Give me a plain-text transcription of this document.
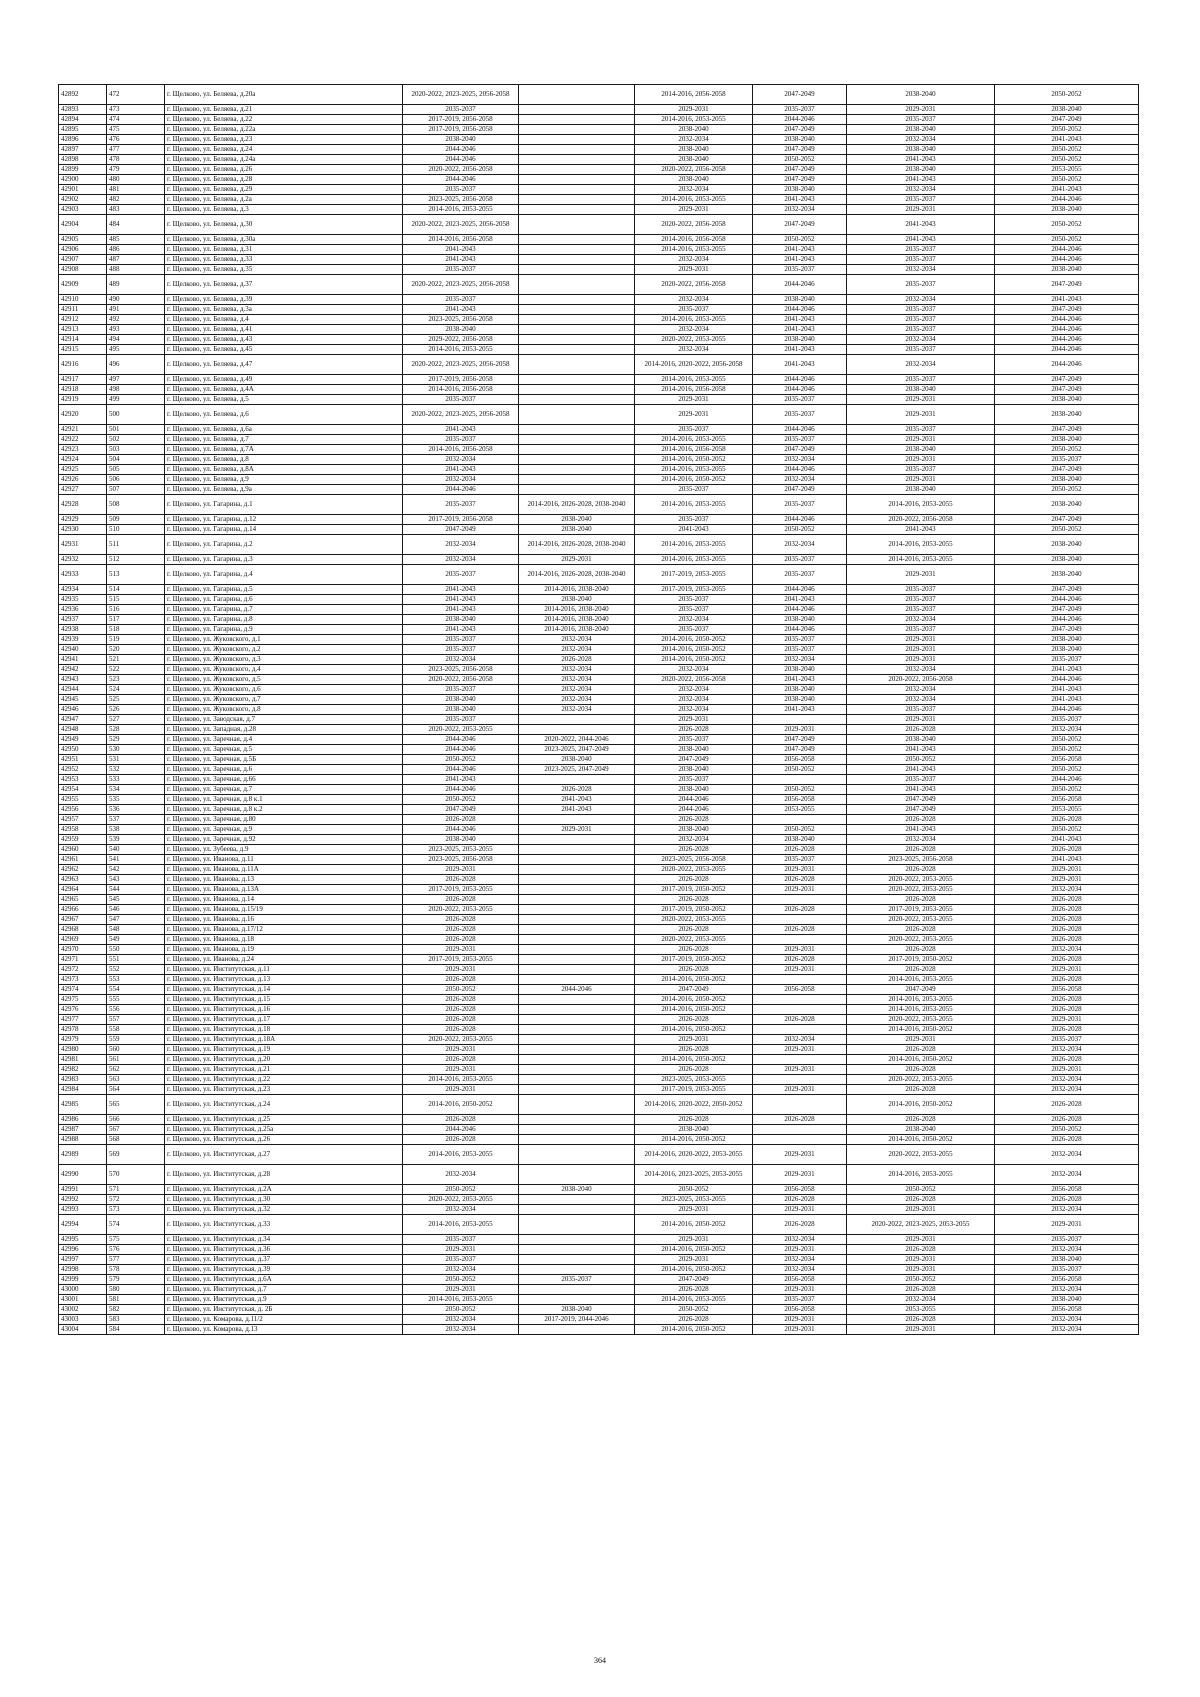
42892	472	г. Щелково, ул. Беляева, д.20а	2020-2022, 2023-2025, 2056-2058		2014-2016, 2056-2058	2047-2049	2038-2040	2050-2052
42893	473	г. Щелково, ул. Беляева, д.21	2035-2037		2029-2031	2035-2037	2029-2031	2038-2040
42894	474	г. Щелково, ул. Беляева, д.22	2017-2019, 2056-2058		2014-2016, 2053-2055	2044-2046	2035-2037	2047-2049
42895	475	г. Щелково, ул. Беляева, д.22а	2017-2019, 2056-2058		2038-2040	2047-2049	2038-2040	2050-2052
42896	476	г. Щелково, ул. Беляева, д.23	2038-2040		2032-2034	2038-2040	2032-2034	2041-2043
42897	477	г. Щелково, ул. Беляева, д.24	2044-2046		2038-2040	2047-2049	2038-2040	2050-2052
42898	478	г. Щелково, ул. Беляева, д.24а	2044-2046		2038-2040	2050-2052	2041-2043	2050-2052
42899	479	г. Щелково, ул. Беляева, д.26	2020-2022, 2056-2058		2020-2022, 2056-2058	2047-2049	2038-2040	2053-2055
42900	480	г. Щелково, ул. Беляева, д.28	2044-2046		2038-2040	2047-2049	2041-2043	2050-2052
42901	481	г. Щелково, ул. Беляева, д.29	2035-2037		2032-2034	2038-2040	2032-2034	2041-2043
42902	482	г. Щелково, ул. Беляева, д.2а	2023-2025, 2056-2058		2014-2016, 2053-2055	2041-2043	2035-2037	2044-2046
42903	483	г. Щелково, ул. Беляева, д.3	2014-2016, 2053-2055		2029-2031	2032-2034	2029-2031	2038-2040
42904	484	г. Щелково, ул. Беляева, д.30	2020-2022, 2023-2025, 2056-2058		2020-2022, 2056-2058	2047-2049	2041-2043	2050-2052
42905	485	г. Щелково, ул. Беляева, д.30а	2014-2016, 2056-2058		2014-2016, 2056-2058	2050-2052	2041-2043	2050-2052
42906	486	г. Щелково, ул. Беляева, д.31	2041-2043		2014-2016, 2053-2055	2041-2043	2035-2037	2044-2046
42907	487	г. Щелково, ул. Беляева, д.33	2041-2043		2032-2034	2041-2043	2035-2037	2044-2046
42908	488	г. Щелково, ул. Беляева, д.35	2035-2037		2029-2031	2035-2037	2032-2034	2038-2040
42909	489	г. Щелково, ул. Беляева, д.37	2020-2022, 2023-2025, 2056-2058		2020-2022, 2056-2058	2044-2046	2035-2037	2047-2049
42910	490	г. Щелково, ул. Беляева, д.39	2035-2037		2032-2034	2038-2040	2032-2034	2041-2043
42911	491	г. Щелково, ул. Беляева, д.3а	2041-2043		2035-2037	2044-2046	2035-2037	2047-2049
42912	492	г. Щелково, ул. Беляева, д.4	2023-2025, 2056-2058		2014-2016, 2053-2055	2041-2043	2035-2037	2044-2046
42913	493	г. Щелково, ул. Беляева, д.41	2038-2040		2032-2034	2041-2043	2035-2037	2044-2046
42914	494	г. Щелково, ул. Беляева, д.43	2029-2022, 2056-2058		2020-2022, 2053-2055	2038-2040	2032-2034	2044-2046
42915	495	г. Щелково, ул. Беляева, д.45	2014-2016, 2053-2055		2032-2034	2041-2043	2035-2037	2044-2046
42916	496	г. Щелково, ул. Беляева, д.47	2020-2022, 2023-2025, 2056-2058		2014-2016, 2020-2022, 2056-2058	2041-2043	2032-2034	2044-2046
42917	497	г. Щелково, ул. Беляева, д.49	2017-2019, 2056-2058		2014-2016, 2053-2055	2044-2046	2035-2037	2047-2049
42918	498	г. Щелково, ул. Беляева, д.4А	2014-2016, 2056-2058		2014-2016, 2056-2058	2044-2046	2038-2040	2047-2049
42919	499	г. Щелково, ул. Беляева, д.5	2035-2037		2029-2031	2035-2037	2029-2031	2038-2040
42920	500	г. Щелково, ул. Беляева, д.6	2020-2022, 2023-2025, 2056-2058		2029-2031	2035-2037	2029-2031	2038-2040
42921	501	г. Щелково, ул. Беляева, д.6а	2041-2043		2035-2037	2044-2046	2035-2037	2047-2049
42922	502	г. Щелково, ул. Беляева, д.7	2035-2037		2014-2016, 2053-2055	2035-2037	2029-2031	2038-2040
42923	503	г. Щелково, ул. Беляева, д.7А	2014-2016, 2056-2058		2014-2016, 2056-2058	2047-2049	2038-2040	2050-2052
42924	504	г. Щелково, ул. Беляева, д.8	2032-2034		2014-2016, 2050-2052	2032-2034	2029-2031	2035-2037
42925	505	г. Щелково, ул. Беляева, д.8А	2041-2043		2014-2016, 2053-2055	2044-2046	2035-2037	2047-2049
42926	506	г. Щелково, ул. Беляева, д.9	2032-2034		2014-2016, 2050-2052	2032-2034	2029-2031	2038-2040
42927	507	г. Щелково, ул. Беляева, д.9а	2044-2046		2035-2037	2047-2049	2038-2040	2050-2052
42928	508	г. Щелково, ул. Гагарина, д.1	2035-2037	2014-2016, 2026-2028, 2038-2040	2014-2016, 2053-2055	2035-2037	2014-2016, 2053-2055	2038-2040
42929	509	г. Щелково, ул. Гагарина, д.12	2017-2019, 2056-2058	2038-2040	2035-2037	2044-2046	2020-2022, 2056-2058	2047-2049
42930	510	г. Щелково, ул. Гагарина, д.14	2047-2049	2038-2040	2041-2043	2050-2052	2041-2043	2050-2052
42931	511	г. Щелково, ул. Гагарина, д.2	2032-2034	2014-2016, 2026-2028, 2038-2040	2014-2016, 2053-2055	2032-2034	2014-2016, 2053-2055	2038-2040
42932	512	г. Щелково, ул. Гагарина, д.3	2032-2034	2029-2031	2014-2016, 2053-2055	2035-2037	2014-2016, 2053-2055	2038-2040
42933	513	г. Щелково, ул. Гагарина, д.4	2035-2037	2014-2016, 2026-2028, 2038-2040	2017-2019, 2053-2055	2035-2037	2029-2031	2038-2040
42934	514	г. Щелково, ул. Гагарина, д.5	2041-2043	2014-2016, 2038-2040	2017-2019, 2053-2055	2044-2046	2035-2037	2047-2049
42935	515	г. Щелково, ул. Гагарина, д.6	2041-2043	2038-2040	2035-2037	2041-2043	2035-2037	2044-2046
42936	516	г. Щелково, ул. Гагарина, д.7	2041-2043	2014-2016, 2038-2040	2035-2037	2044-2046	2035-2037	2047-2049
42937	517	г. Щелково, ул. Гагарина, д.8	2038-2040	2014-2016, 2038-2040	2032-2034	2038-2040	2032-2034	2044-2046
42938	518	г. Щелково, ул. Гагарина, д.9	2041-2043	2014-2016, 2038-2040	2035-2037	2044-2046	2035-2037	2047-2049
42939	519	г. Щелково, ул. Жуковского, д.1	2035-2037	2032-2034	2014-2016, 2050-2052	2035-2037	2029-2031	2038-2040
42940	520	г. Щелково, ул. Жуковского, д.2	2035-2037	2032-2034	2014-2016, 2050-2052	2035-2037	2029-2031	2038-2040
42941	521	г. Щелково, ул. Жуковского, д.3	2032-2034	2026-2028	2014-2016, 2050-2052	2032-2034	2029-2031	2035-2037
42942	522	г. Щелково, ул. Жуковского, д.4	2023-2025, 2056-2058	2032-2034	2032-2034	2038-2040	2032-2034	2041-2043
42943	523	г. Щелково, ул. Жуковского, д.5	2020-2022, 2056-2058	2032-2034	2020-2022, 2056-2058	2041-2043	2020-2022, 2056-2058	2044-2046
42944	524	г. Щелково, ул. Жуковского, д.6	2035-2037	2032-2034	2032-2034	2038-2040	2032-2034	2041-2043
42945	525	г. Щелково, ул. Жуковского, д.7	2038-2040	2032-2034	2032-2034	2038-2040	2032-2034	2041-2043
42946	526	г. Щелково, ул. Жуковского, д.8	2038-2040	2032-2034	2032-2034	2041-2043	2035-2037	2044-2046
42947	527	г. Щелково, ул. Заводская, д.7	2035-2037		2029-2031		2029-2031	2035-2037
42948	528	г. Щелково, ул. Западная, д.28	2020-2022, 2053-2055		2026-2028	2029-2031	2026-2028	2032-2034
42949	529	г. Щелково, ул. Заречная, д.4	2044-2046	2020-2022, 2044-2046	2035-2037	2047-2049	2038-2040	2050-2052
42950	530	г. Щелково, ул. Заречная, д.5	2044-2046	2023-2025, 2047-2049	2038-2040	2047-2049	2041-2043	2050-2052
42951	531	г. Щелково, ул. Заречная, д.5Б	2050-2052	2038-2040	2047-2049	2056-2058	2050-2052	2056-2058
42952	532	г. Щелково, ул. Заречная, д.6	2044-2046	2023-2025, 2047-2049	2038-2040	2050-2052	2041-2043	2050-2052
42953	533	г. Щелково, ул. Заречная, д.66	2041-2043		2035-2037		2035-2037	2044-2046
42954	534	г. Щелково, ул. Заречная, д.7	2044-2046	2026-2028	2038-2040	2050-2052	2041-2043	2050-2052
42955	535	г. Щелково, ул. Заречная, д.8 к.1	2050-2052	2041-2043	2044-2046	2056-2058	2047-2049	2056-2058
42956	536	г. Щелково, ул. Заречная, д.8 к.2	2047-2049	2041-2043	2044-2046	2053-2055	2047-2049	2053-2055
42957	537	г. Щелково, ул. Заречная, д.80	2026-2028		2026-2028		2026-2028	2026-2028
42958	538	г. Щелково, ул. Заречная, д.9	2044-2046	2029-2031	2038-2040	2050-2052	2041-2043	2050-2052
42959	539	г. Щелково, ул. Заречная, д.92	2038-2040		2032-2034	2038-2040	2032-2034	2041-2043
42960	540	г. Щелково, ул. Зубеева, д.9	2023-2025, 2053-2055		2026-2028	2026-2028	2026-2028	2026-2028
42961	541	г. Щелково, ул. Иванова, д.11	2023-2025, 2056-2058		2023-2025, 2056-2058	2035-2037	2023-2025, 2056-2058	2041-2043
42962	542	г. Щелково, ул. Иванова, д.11А	2029-2031		2020-2022, 2053-2055	2029-2031	2026-2028	2029-2031
42963	543	г. Щелково, ул. Иванова, д.13	2026-2028		2026-2028	2026-2028	2020-2022, 2053-2055	2029-2031
42964	544	г. Щелково, ул. Иванова, д.13А	2017-2019, 2053-2055		2017-2019, 2050-2052	2029-2031	2020-2022, 2053-2055	2032-2034
42965	545	г. Щелково, ул. Иванова, д.14	2026-2028		2026-2028		2026-2028	2026-2028
42966	546	г. Щелково, ул. Иванова, д.15/19	2020-2022, 2053-2055		2017-2019, 2050-2052	2026-2028	2017-2019, 2053-2055	2026-2028
42967	547	г. Щелково, ул. Иванова, д.16	2026-2028		2020-2022, 2053-2055		2020-2022, 2053-2055	2026-2028
42968	548	г. Щелково, ул. Иванова, д.17/12	2026-2028		2026-2028	2026-2028	2026-2028	2026-2028
42969	549	г. Щелково, ул. Иванова, д.18	2026-2028		2020-2022, 2053-2055		2020-2022, 2053-2055	2026-2028
42970	550	г. Щелково, ул. Иванова, д.19	2029-2031		2026-2028	2029-2031	2026-2028	2032-2034
42971	551	г. Щелково, ул. Иванова, д.24	2017-2019, 2053-2055		2017-2019, 2050-2052	2026-2028	2017-2019, 2050-2052	2026-2028
42972	552	г. Щелково, ул. Институтская, д.11	2029-2031		2026-2028	2029-2031	2026-2028	2029-2031
42973	553	г. Щелково, ул. Институтская, д.13	2026-2028		2014-2016, 2050-2052		2014-2016, 2053-2055	2026-2028
42974	554	г. Щелково, ул. Институтская, д.14	2050-2052	2044-2046	2047-2049	2056-2058	2047-2049	2056-2058
42975	555	г. Щелково, ул. Институтская, д.15	2026-2028		2014-2016, 2050-2052		2014-2016, 2053-2055	2026-2028
42976	556	г. Щелково, ул. Институтская, д.16	2026-2028		2014-2016, 2050-2052		2014-2016, 2053-2055	2026-2028
42977	557	г. Щелково, ул. Институтская, д.17	2026-2028		2026-2028	2026-2028	2020-2022, 2053-2055	2029-2031
42978	558	г. Щелково, ул. Институтская, д.18	2026-2028		2014-2016, 2050-2052		2014-2016, 2050-2052	2026-2028
42979	559	г. Щелково, ул. Институтская, д.18А	2020-2022, 2053-2055		2029-2031	2032-2034	2029-2031	2035-2037
42980	560	г. Щелково, ул. Институтская, д.19	2029-2031		2026-2028	2029-2031	2026-2028	2032-2034
42981	561	г. Щелково, ул. Институтская, д.20	2026-2028		2014-2016, 2050-2052		2014-2016, 2050-2052	2026-2028
42982	562	г. Щелково, ул. Институтская, д.21	2029-2031		2026-2028	2029-2031	2026-2028	2029-2031
42983	563	г. Щелково, ул. Институтская, д.22	2014-2016, 2053-2055		2023-2025, 2053-2055		2020-2022, 2053-2055	2032-2034
42984	564	г. Щелково, ул. Институтская, д.23	2029-2031		2017-2019, 2053-2055	2029-2031	2026-2028	2032-2034
42985	565	г. Щелково, ул. Институтская, д.24	2014-2016, 2050-2052		2014-2016, 2020-2022, 2050-2052		2014-2016, 2050-2052	2026-2028
42986	566	г. Щелково, ул. Институтская, д.25	2026-2028		2026-2028	2026-2028	2026-2028	2026-2028
42987	567	г. Щелково, ул. Институтская, д.25а	2044-2046		2038-2040		2038-2040	2050-2052
42988	568	г. Щелково, ул. Институтская, д.26	2026-2028		2014-2016, 2050-2052		2014-2016, 2050-2052	2026-2028
42989	569	г. Щелково, ул. Институтская, д.27	2014-2016, 2053-2055		2014-2016, 2020-2022, 2053-2055	2029-2031	2020-2022, 2053-2055	2032-2034
42990	570	г. Щелково, ул. Институтская, д.28	2032-2034		2014-2016, 2023-2025, 2053-2055	2029-2031	2014-2016, 2053-2055	2032-2034
42991	571	г. Щелково, ул. Институтская, д.2А	2050-2052	2038-2040	2050-2052	2056-2058	2050-2052	2056-2058
42992	572	г. Щелково, ул. Институтская, д.30	2020-2022, 2053-2055		2023-2025, 2053-2055	2026-2028	2026-2028	2026-2028
42993	573	г. Щелково, ул. Институтская, д.32	2032-2034		2029-2031	2029-2031	2029-2031	2032-2034
42994	574	г. Щелково, ул. Институтская, д.33	2014-2016, 2053-2055		2014-2016, 2050-2052	2026-2028	2020-2022, 2023-2025, 2053-2055	2029-2031
42995	575	г. Щелково, ул. Институтская, д.34	2035-2037		2029-2031	2032-2034	2029-2031	2035-2037
42996	576	г. Щелково, ул. Институтская, д.36	2029-2031		2014-2016, 2050-2052	2029-2031	2026-2028	2032-2034
42997	577	г. Щелково, ул. Институтская, д.37	2035-2037		2029-2031	2032-2034	2029-2031	2038-2040
42998	578	г. Щелково, ул. Институтская, д.39	2032-2034		2014-2016, 2050-2052	2032-2034	2029-2031	2035-2037
42999	579	г. Щелково, ул. Институтская, д.6А	2050-2052	2035-2037	2047-2049	2056-2058	2050-2052	2056-2058
43000	580	г. Щелково, ул. Институтская, д.7	2029-2031		2026-2028	2029-2031	2026-2028	2032-2034
43001	581	г. Щелково, ул. Институтская, д.9	2014-2016, 2053-2055		2014-2016, 2053-2055	2035-2037	2032-2034	2038-2040
43002	582	г. Щелково, ул. Институтская, д. 2Б	2050-2052	2038-2040	2050-2052	2056-2058	2053-2055	2056-2058
43003	583	г. Щелково, ул. Комарова, д.11/2	2032-2034	2017-2019, 2044-2046	2026-2028	2029-2031	2026-2028	2032-2034
43004	584	г. Щелково, ул. Комарова, д.13	2032-2034		2014-2016, 2050-2052	2029-2031	2029-2031	2032-2034
364
